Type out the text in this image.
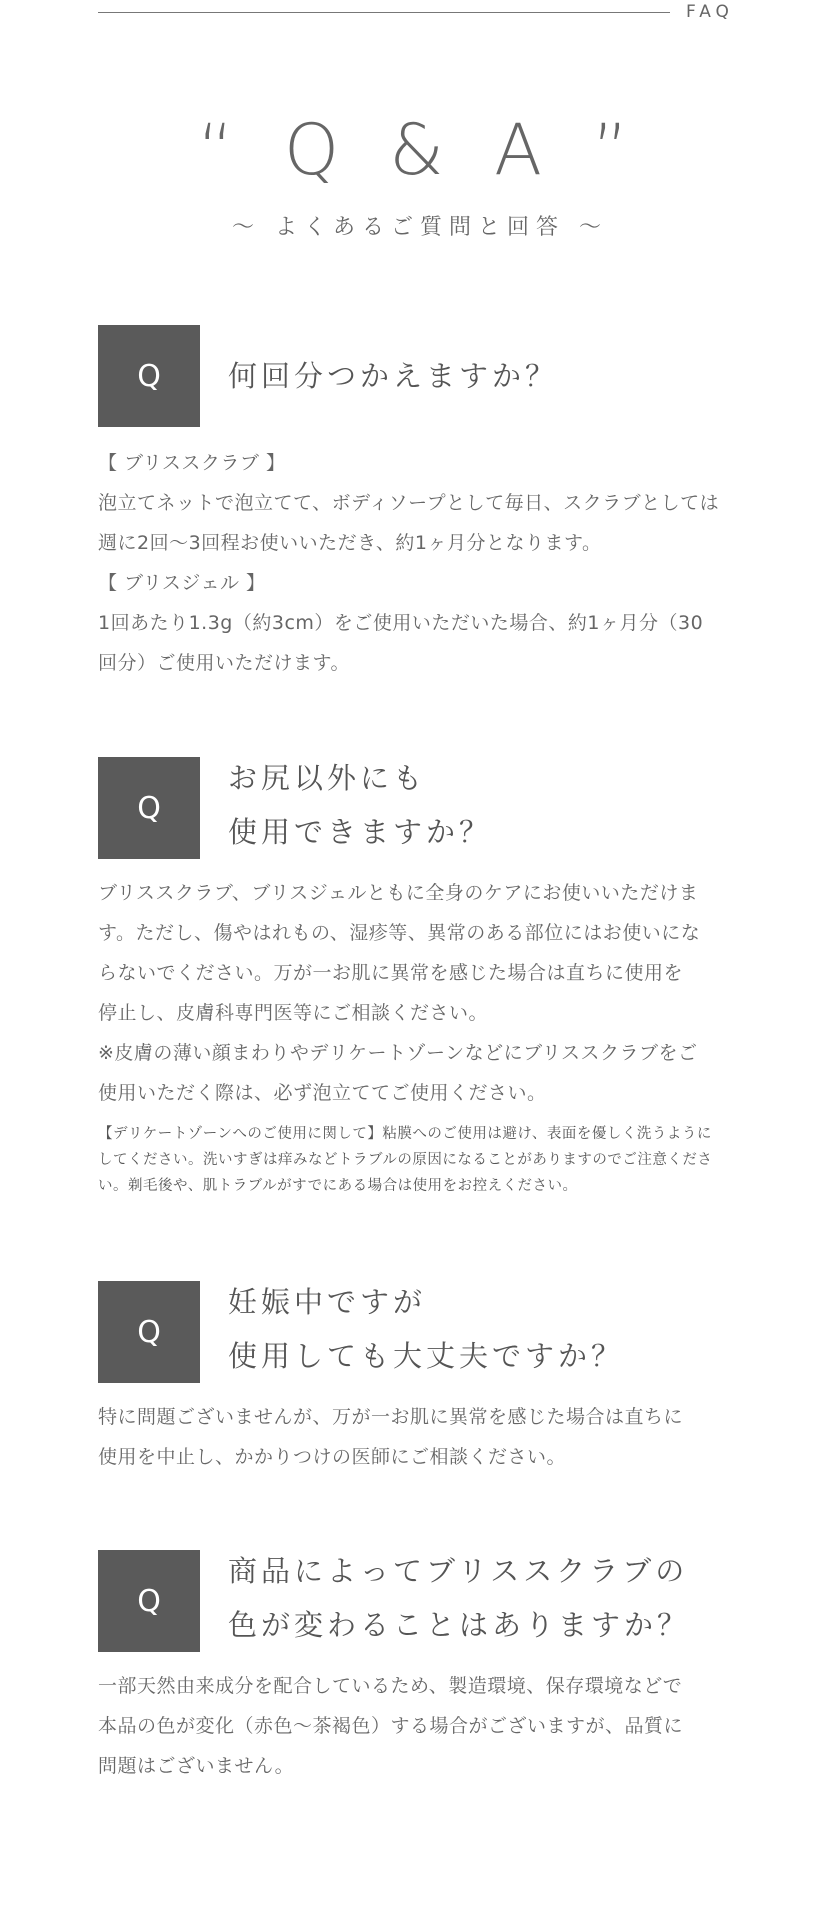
FAQ
“ Q & A ”
～ よくあるご質問と回答 ～
Q	何回分つかえますか？

【 ブリススクラブ 】

泡立てネットで泡立てて、ボディソープとして毎日、スクラブとしては

週に2回～3回程お使いいただき、約1ヶ月分となります。

【 ブリスジェル 】

1回あたり1.3g（約3cm）をご使用いただいた場合、約1ヶ月分（30

回分）ご使用いただけます。

Q
お尻以外にも
使用できますか？

ブリススクラブ、ブリスジェルともに全身のケアにお使いいただけま

す。ただし、傷やはれもの、湿疹等、異常のある部位にはお使いにな

らないでください。万が一お肌に異常を感じた場合は直ちに使用を

停止し、皮膚科専門医等にご相談ください。

※皮膚の薄い顔まわりやデリケートゾーンなどにブリススクラブをご

使用いただく際は、必ず泡立ててご使用ください。

【デリケートゾーンへのご使用に関して】粘膜へのご使用は避け、表面を優しく洗うように

してください。洗いすぎは痒みなどトラブルの原因になることがありますのでご注意くださ

い。剃毛後や、肌トラブルがすでにある場合は使用をお控えください。

Q
妊娠中ですが
使用しても大丈夫ですか？

特に問題ございませんが、万が一お肌に異常を感じた場合は直ちに

使用を中止し、かかりつけの医師にご相談ください。

Q
商品によってブリススクラブの
色が変わることはありますか？

一部天然由来成分を配合しているため、製造環境、保存環境などで

本品の色が変化（赤色～茶褐色）する場合がございますが、品質に

問題はございません。
